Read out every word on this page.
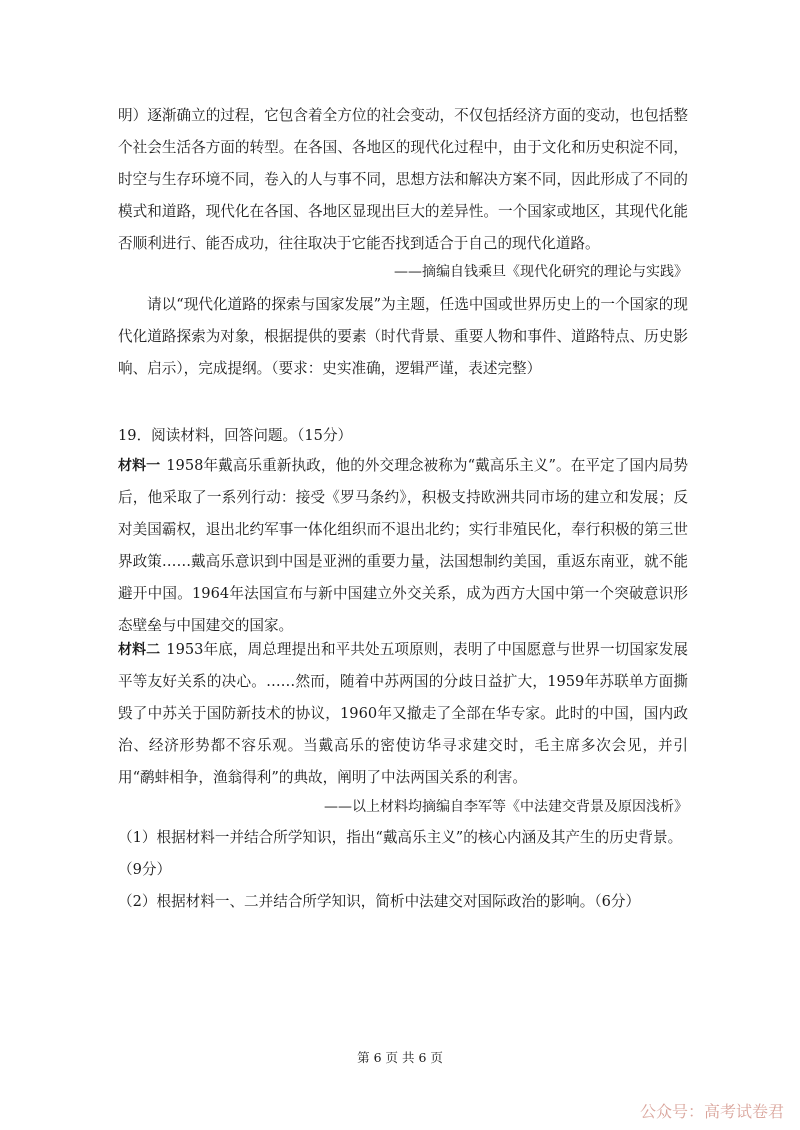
明）逐渐确立的过程，它包含着全方位的社会变动，不仅包括经济方面的变动，也包括整个社会生活各方面的转型。在各国、各地区的现代化过程中，由于文化和历史积淀不同，时空与生存环境不同，卷入的人与事不同，思想方法和解决方案不同，因此形成了不同的模式和道路，现代化在各国、各地区显现出巨大的差异性。一个国家或地区，其现代化能否顺利进行、能否成功，往往取决于它能否找到适合于自己的现代化道路。

——摘编自钱乘旦《现代化研究的理论与实践》

请以“现代化道路的探索与国家发展”为主题，任选中国或世界历史上的一个国家的现代化道路探索为对象，根据提供的要素（时代背景、重要人物和事件、道路特点、历史影响、启示），完成提纲。（要求：史实准确，逻辑严谨，表述完整）

19．阅读材料，回答问题。（15分）

材料一 1958年戴高乐重新执政，他的外交理念被称为“戴高乐主义”。在平定了国内局势后，他采取了一系列行动：接受《罗马条约》，积极支持欧洲共同市场的建立和发展；反对美国霸权，退出北约军事一体化组织而不退出北约；实行非殖民化，奉行积极的第三世界政策……戴高乐意识到中国是亚洲的重要力量，法国想制约美国，重返东南亚，就不能避开中国。1964年法国宣布与新中国建立外交关系，成为西方大国中第一个突破意识形态壁垒与中国建交的国家。

材料二 1953年底，周总理提出和平共处五项原则，表明了中国愿意与世界一切国家发展平等友好关系的决心。……然而，随着中苏两国的分歧日益扩大，1959年苏联单方面撕毁了中苏关于国防新技术的协议，1960年又撤走了全部在华专家。此时的中国，国内政治、经济形势都不容乐观。当戴高乐的密使访华寻求建交时，毛主席多次会见，并引用“鹬蚌相争，渔翁得利”的典故，阐明了中法两国关系的利害。

——以上材料均摘编自李军等《中法建交背景及原因浅析》

（1）根据材料一并结合所学知识，指出“戴高乐主义”的核心内涵及其产生的历史背景。（9分）

（2）根据材料一、二并结合所学知识，简析中法建交对国际政治的影响。（6分）

第 6 页 共 6 页

公众号：高考试卷君
